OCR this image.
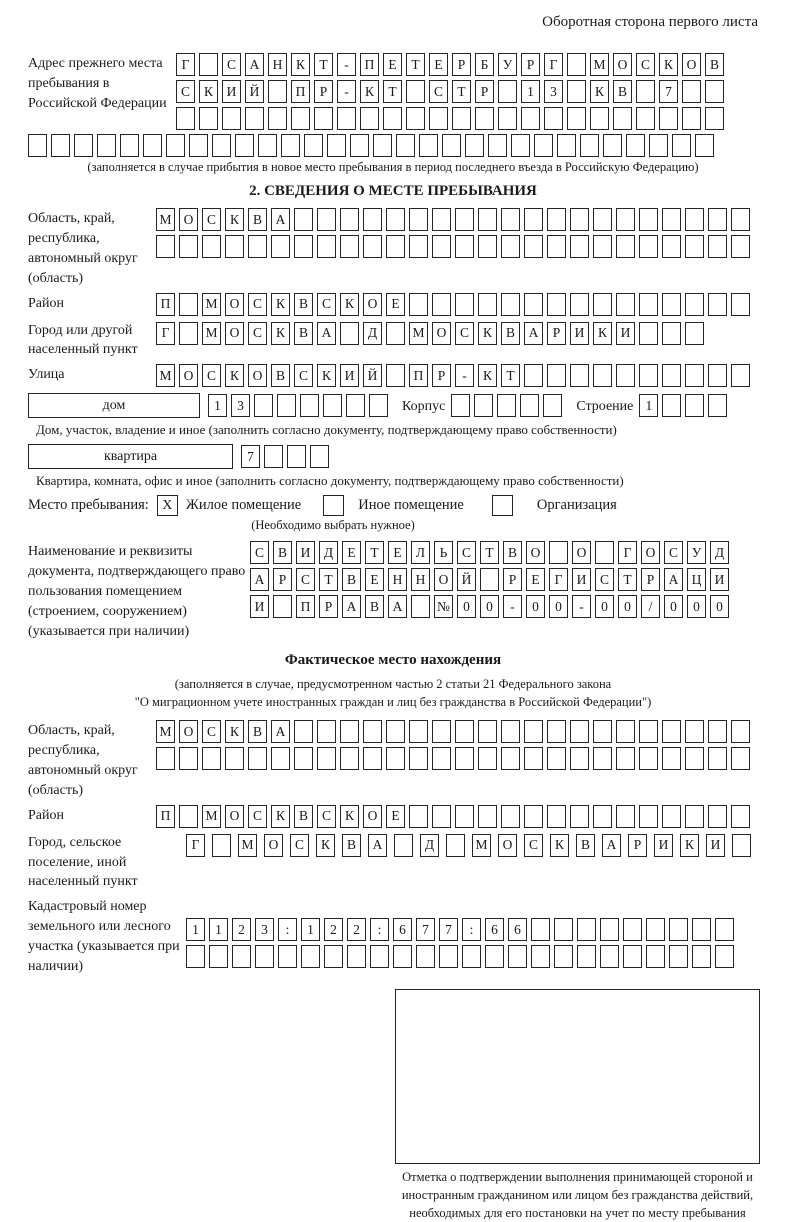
Оборотная сторона первого листа
Адрес прежнего места пребывания в Российской Федерации
Г	С	А Н	К	Т	-	П	Е	Т	Е	Р	Б	У	Р	Г	М О	С	К	О	В
С	К	И Й	П	Р	-	К	Т	С	Т	Р	1	3	К	В	7
(заполняется в случае прибытия в новое место пребывания в период последнего въезда в Российскую Федерацию)
2. СВЕДЕНИЯ О МЕСТЕ ПРЕБЫВАНИЯ
Область, край, республика, автономный округ (область)
М О	С	К	В	А
Район	П	М О	С	К	В	С	К	О	Е
Город или другой населенный пункт
Г	М О	С	К	В	А	Д	М О	С	К	В	А	Р	И	К	И
Улица	М О	С	К	О	В	С	К	И Й	П	Р	-	К	Т
дом	1	3	Корпус	Строение 1
Дом, участок, владение и иное (заполнить согласно документу, подтверждающему право собственности)
квартира	7
Квартира, комната, офис и иное (заполнить согласно документу, подтверждающему право собственности)
Место пребывания: X Жилое помещение	Иное помещение	Организация
(Необходимо выбрать нужное)
Наименование и реквизиты документа, подтверждающего право пользования помещением (строением, сооружением) (указывается при наличии)
С	В	И	Д	Е	Т	Е	Л	Ь	С	Т	В	О	О	Г	О	С	У	Д
А	Р	С	Т	В	Е	Н Н О Й	Р	Е	Г	И	С	Т	Р	А Ц И
И	П	Р	А	В	А	№ 0	0	-	0	0	-	0	0	/	0	0	0
Фактическое место нахождения
(заполняется в случае, предусмотренном частью 2 статьи 21 Федерального закона
"О миграционном учете иностранных граждан и лиц без гражданства в Российской Федерации")
Область, край, республика, автономный округ (область)
М О	С	К	В	А
Район	П	М О	С	К	В	С	К	О	Е
Город, сельское поселение, иной населенный пункт
Г	М	О	С	К	В	А	Д	М	О	С	К	В	А	Р	И	К	И
Кадастровый номер земельного или лесного участка (указывается при наличии)
1	1	2	3	:	1	2	2	:	6	7	7	:	6	6
Отметка о подтверждении выполнения принимающей стороной и иностранным гражданином или лицом без гражданства действий, необходимых для его постановки на учет по месту пребывания
